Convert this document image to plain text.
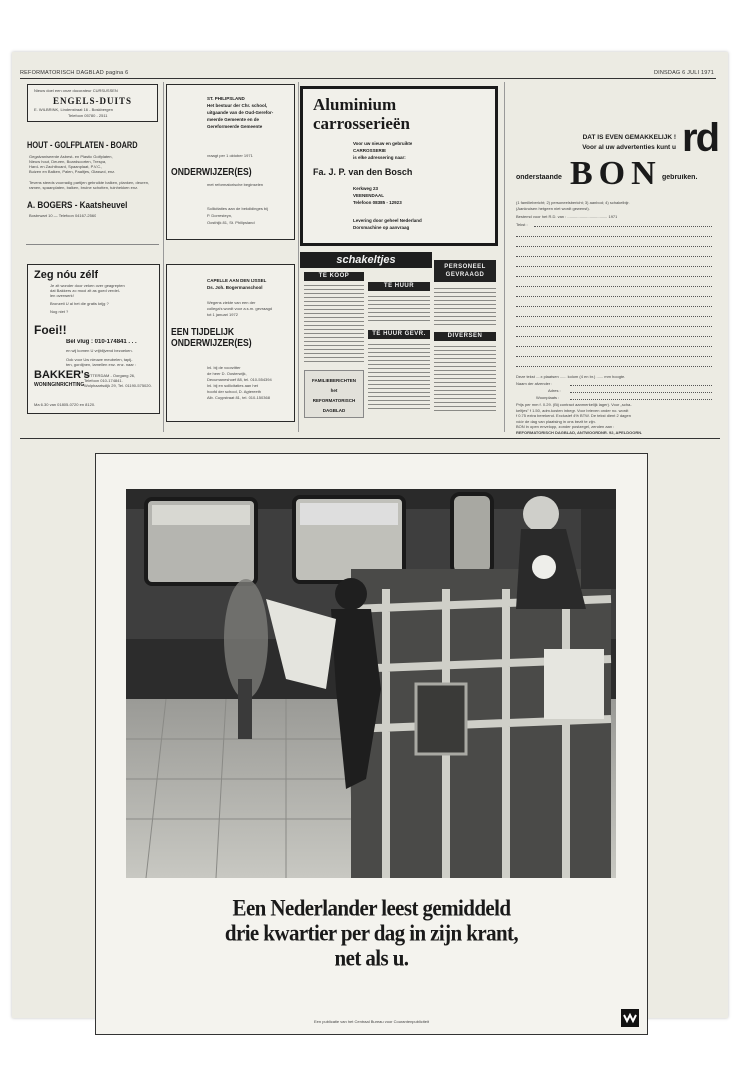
REFORMATORISCH DAGBLAD pagina 6	DINSDAG 6 JULI 1971
Nieuw doel een onze docorateur CURSUSSEN
ENGELS-DUITS
E. WILBRINK, Lindenstraat 16 - Boskbergen
Telefoon 05780 - 2511
HOUT - GOLFPLATEN - BOARD
Gegalvaniseerde Asbest- en Plastic Golfplaten,
Nieuw hout, Deuren, Boardsoorten, Trespa,
Hard- en Zachtboard, Spaanplaat, P.V.C.,
Buizen en Balken, Palen, Paaltjes, Glaswol, enz.
Tevens steeds voorradig partijen gebruikte balken, planken, deuren, ramen, spaanplaten, balken, bruine schotten, tuinhekken enz.
A. BOGERS - Kaatsheuvel
Bosbrwart 10 — Telefoon 04167-2560
Zeg nóu zélf
Je zit wonder door veken over geagrepten
dat Bakkers zo mooi zit as goed verdel-
len overwerk!
Bronzeti U al het die gratis krijg ?
Nog niet ?
Foei!!
Bel vlug : 010-174841 . . .
en wij komen U vrijblijvend bezoeken.
Ook voor Uw nieuwe meubelen, tapij-
ten, gordijnen, lamellen enz. enz. naar :
BAKKER's
WONINGINRICHTING
ROTTERDAM - Oorgang 26,
Telefoon 010-174841.
Wolphaartsdijk 29, Tel. 01190-575020.
Ma 6.30 van 01805-0720 en 8120.
ST. PHILIPSLAND
Het bestuur der Chr. school,
uitgaande van de Oud-Gerefor-
meerde Gemeente en de
Gereformeerde Gemeente
vraagt per 1 oktober 1971
ONDERWIJZER(ES)
met reformatorische beginselen
Sollicitaties aan de bekdidinges bij
P. Dorresteyn,
Oosthijk 81, St. Philipsland
CAPELLE AAN DEN IJSSEL
Ds. Joh. Bogermanschool
Wegens ziekte van een der
collega's wordt voor a.s.m. gevraagd
tot 1 januari 1972
EEN TIJDELIJK
ONDERWIJZER(ES)
Inl. bij de voorzitter
de heer D. Oosterwijk,
Decumaneshoef 88, tel. 010-554394
Inl. bij en sollicitaties aan het
hoofd der school, D. Agtereeth
Alb. Cuypstraat 81, tel. 010-150368
Aluminium
carrosserieën
Voor uw nieuw en gebruikte
CARROSSERIE
is elke adressering naar:
Fa. J. P. van den Bosch
Kerkweg 23
VEENENDAAL
Telefoon 08385 - 12923
Levering door geheel Nederland
Dorsmachine op aanvraag
schakeltjes
TE KOOP
FAMILIEBERICHTEN
het
REFORMATORISCH
DAGBLAD
TE HUUR
TE HUUR GEVR.
PERSONEEL
GEVRAAGD
DIVERSEN
DAT IS EVEN GEMAKKELIJK !
Voor al uw advertenties kunt u rd
onderstaande BON gebruiken.
(1 familiebericht; 2) personeelsbericht; 3) aanbod; 4) schakelbijr.
(Aankruisen hetgeen niet wordt gewenst).
Bestemd voor het R.D. van : .................................... 1971
Tekst :
Deze tekst ....x plaatsen ...... kolom (4 en br.) ...... mm hoogte.
Naam der afzender :
Adres :
Woonplaats :
Prijs per mm f. 0.29. (Bij contract aanmerkelijk lager). Voor „scha-
keltjes" f 1.50, adm.kosten inbegr. Voor brieven onder no. wordt
f 0.75 extra berekend. Exclusief 4% BTW. De tekst dient 2 dagen
vóór de dag van plaatsing in ons bezit te zijn.
BON in open envelopp, zonder postzegel, zenden aan :
REFORMATORISCH DAGBLAD, ANTWOORDNR. 92, APELDOORN.
Een Nederlander leest gemiddeld
drie kwartier per dag in zijn krant,
net als u.
Een publicatie van het Centraal Bureau voor Courantenpubliciteit
